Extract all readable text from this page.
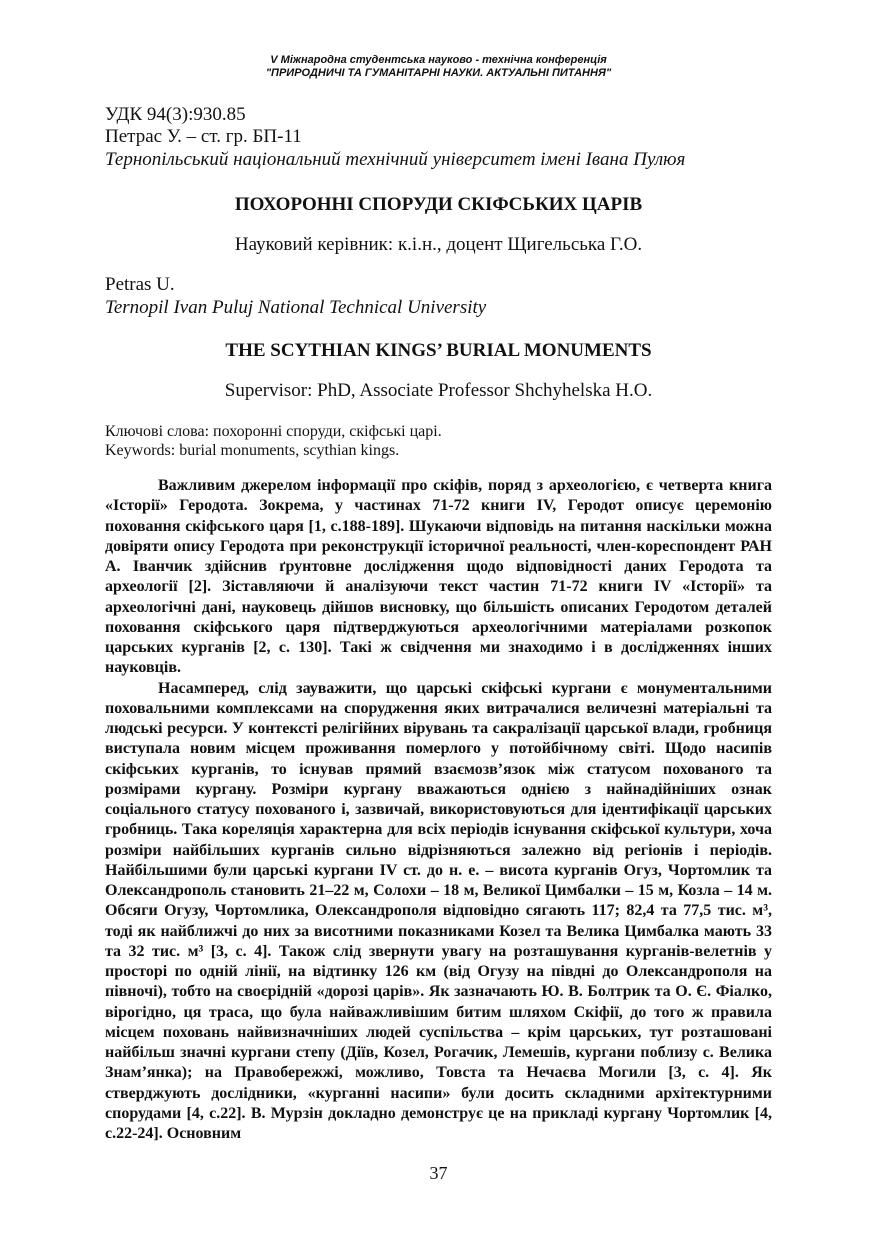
V Міжнародна студентська науково - технічна конференція
"ПРИРОДНИЧІ ТА ГУМАНІТАРНІ НАУКИ. АКТУАЛЬНІ ПИТАННЯ"
УДК 94(3):930.85
Петрас У. – ст. гр. БП-11
Тернопільський національний технічний університет імені Івана Пулюя
ПОХОРОННІ СПОРУДИ СКІФСЬКИХ ЦАРІВ
Науковий керівник: к.і.н., доцент Щигельська Г.О.
Petras U.
Ternopil Ivan Puluj National Technical University
THE SCYTHIAN KINGS’ BURIAL MONUMENTS
Supervisor: PhD, Associate Professor Shchyhelska H.O.
Ключові слова: похоронні споруди, скіфські царі.
Keywords: burial monuments, scythian kings.

Важливим джерелом інформації про скіфів, поряд з археологією, є четверта книга «Історії» Геродота. Зокрема, у частинах 71-72 книги IV, Геродот описує церемонію поховання скіфського царя [1, с.188-189]. Шукаючи відповідь на питання наскільки можна довіряти опису Геродота при реконструкції історичної реальності, член-кореспондент РАН А. Іванчик здійснив ґрунтовне дослідження щодо відповідності даних Геродота та археології [2]. Зіставляючи й аналізуючи текст частин 71-72 книги IV «Історії» та археологічні дані, науковець дійшов висновку, що більшість описаних Геродотом деталей поховання скіфського царя підтверджуються археологічними матеріалами розкопок царських курганів [2, с. 130]. Такі ж свідчення ми знаходимо і в дослідженнях інших науковців.

Насамперед, слід зауважити, що царські скіфські кургани є монументальними поховальними комплексами на спорудження яких витрачалися величезні матеріальні та людські ресурси. У контексті релігійних вірувань та сакралізації царської влади, гробниця виступала новим місцем проживання померлого у потойбічному світі. Щодо насипів скіфських курганів, то існував прямий взаємозв’язок між статусом похованого та розмірами кургану. Розміри кургану вважаються однією з найнадійніших ознак соціального статусу похованого і, зазвичай, використовуються для ідентифікації царських гробниць. Така кореляція характерна для всіх періодів існування скіфської культури, хоча розміри найбільших курганів сильно відрізняються залежно від регіонів і періодів. Найбільшими були царські кургани IV ст. до н. е. – висота курганів Огуз, Чортомлик та Олександрополь становить 21–22 м, Солохи – 18 м, Великої Цимбалки – 15 м, Козла – 14 м. Обсяги Огузу, Чортомлика, Олександрополя відповідно сягають 117; 82,4 та 77,5 тис. м³, тоді як найближчі до них за висотними показниками Козел та Велика Цимбалка мають 33 та 32 тис. м³ [3, с. 4]. Також слід звернути увагу на розташування курганів-велетнів у просторі по одній лінії, на відтинку 126 км (від Огузу на півдні до Олександрополя на півночі), тобто на своєрідній «дорозі царів». Як зазначають Ю. В. Болтрик та О. Є. Фіалко, вірогідно, ця траса, що була найважливішим битим шляхом Скіфії, до того ж правила місцем поховань найвизначніших людей суспільства – крім царських, тут розташовані найбільш значні кургани степу (Діїв, Козел, Рогачик, Лемешів, кургани поблизу с. Велика Знам’янка); на Правобережжі, можливо, Товста та Нечаєва Могили [3, с. 4]. Як стверджують дослідники, «курганні насипи» були досить складними архітектурними спорудами [4, с.22]. В. Мурзін докладно демонструє це на прикладі кургану Чортомлик [4, с.22-24]. Основним

37
